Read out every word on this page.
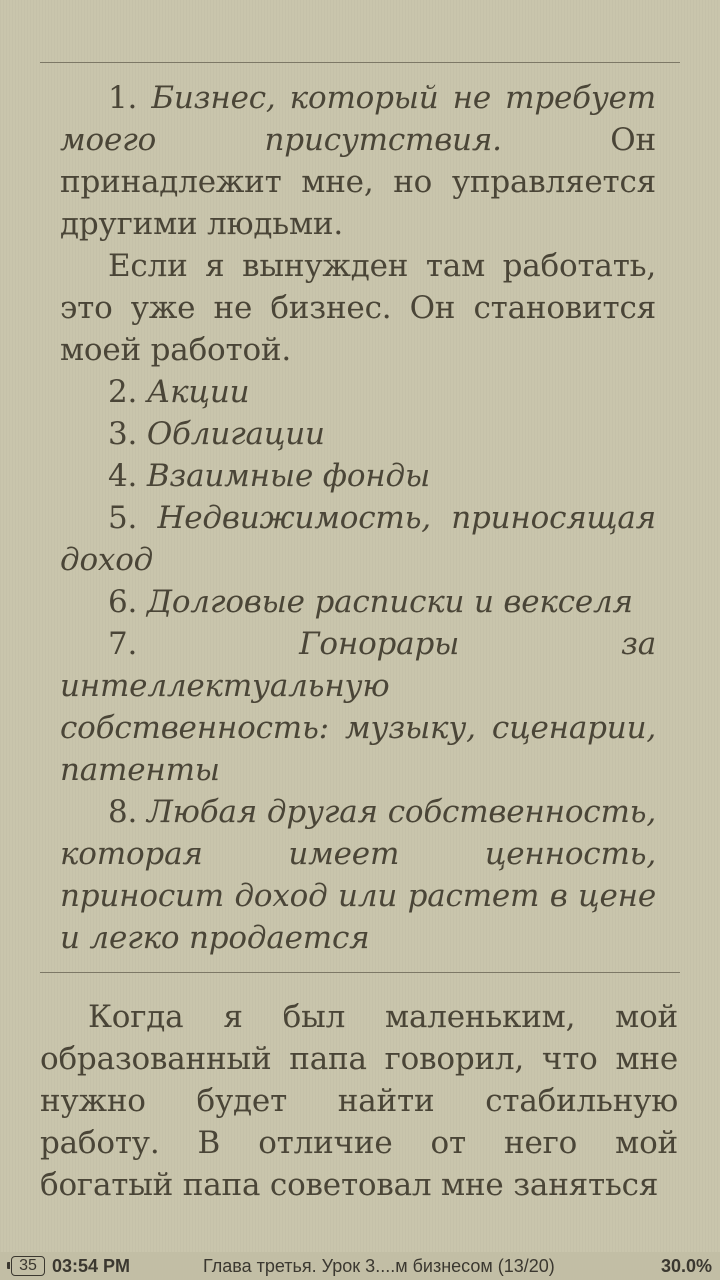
1. Бизнес, который не требует моего присутствия. Он принадлежит мне, но управляется другими людьми.

Если я вынужден там работать, это уже не бизнес. Он становится моей работой.

2. Акции

3. Облигации

4. Взаимные фонды

5. Недвижимость, приносящая доход

6. Долговые расписки и векселя

7.	Гонорары за интеллектуальную собственность: музыку, сценарии, патенты

8. Любая другая собственность, которая имеет ценность, приносит доход или растет в цене и легко продается

Когда я был маленьким, мой образованный папа говорил, что мне нужно будет найти стабильную работу. В отличие от него мой богатый папа советовал мне заняться

35 03:54 PM	Глава третья. Урок 3....м бизнесом (13/20)	30.0%
